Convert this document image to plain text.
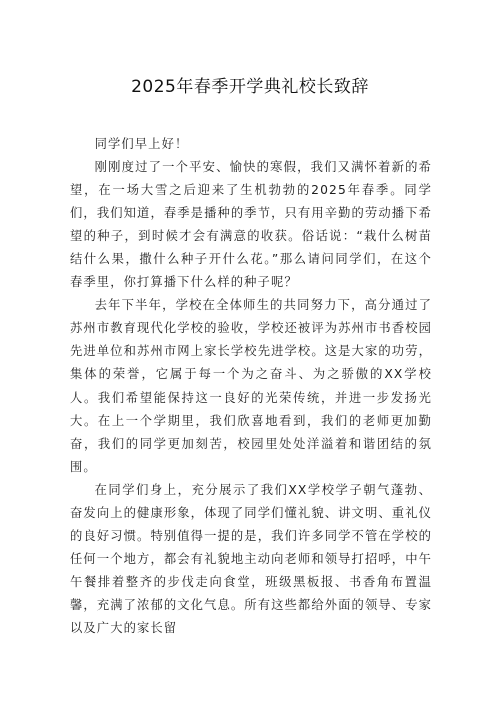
2025年春季开学典礼校长致辞

同学们早上好！

刚刚度过了一个平安、愉快的寒假，我们又满怀着新的希望，在一场大雪之后迎来了生机勃勃的2025年春季。同学们，我们知道，春季是播种的季节，只有用辛勤的劳动播下希望的种子，到时候才会有满意的收获。俗话说：“栽什么树苗结什么果，撒什么种子开什么花。”那么请问同学们，在这个春季里，你打算播下什么样的种子呢？

去年下半年，学校在全体师生的共同努力下，高分通过了苏州市教育现代化学校的验收，学校还被评为苏州市书香校园先进单位和苏州市网上家长学校先进学校。这是大家的功劳，集体的荣誉，它属于每一个为之奋斗、为之骄傲的XX学校人。我们希望能保持这一良好的光荣传统，并进一步发扬光大。在上一个学期里，我们欣喜地看到，我们的老师更加勤奋，我们的同学更加刻苦，校园里处处洋溢着和谐团结的氛围。

在同学们身上，充分展示了我们XX学校学子朝气蓬勃、奋发向上的健康形象，体现了同学们懂礼貌、讲文明、重礼仪的良好习惯。特别值得一提的是，我们许多同学不管在学校的任何一个地方，都会有礼貌地主动向老师和领导打招呼，中午午餐排着整齐的步伐走向食堂，班级黑板报、书香角布置温馨，充满了浓郁的文化气息。所有这些都给外面的领导、专家以及广大的家长留
